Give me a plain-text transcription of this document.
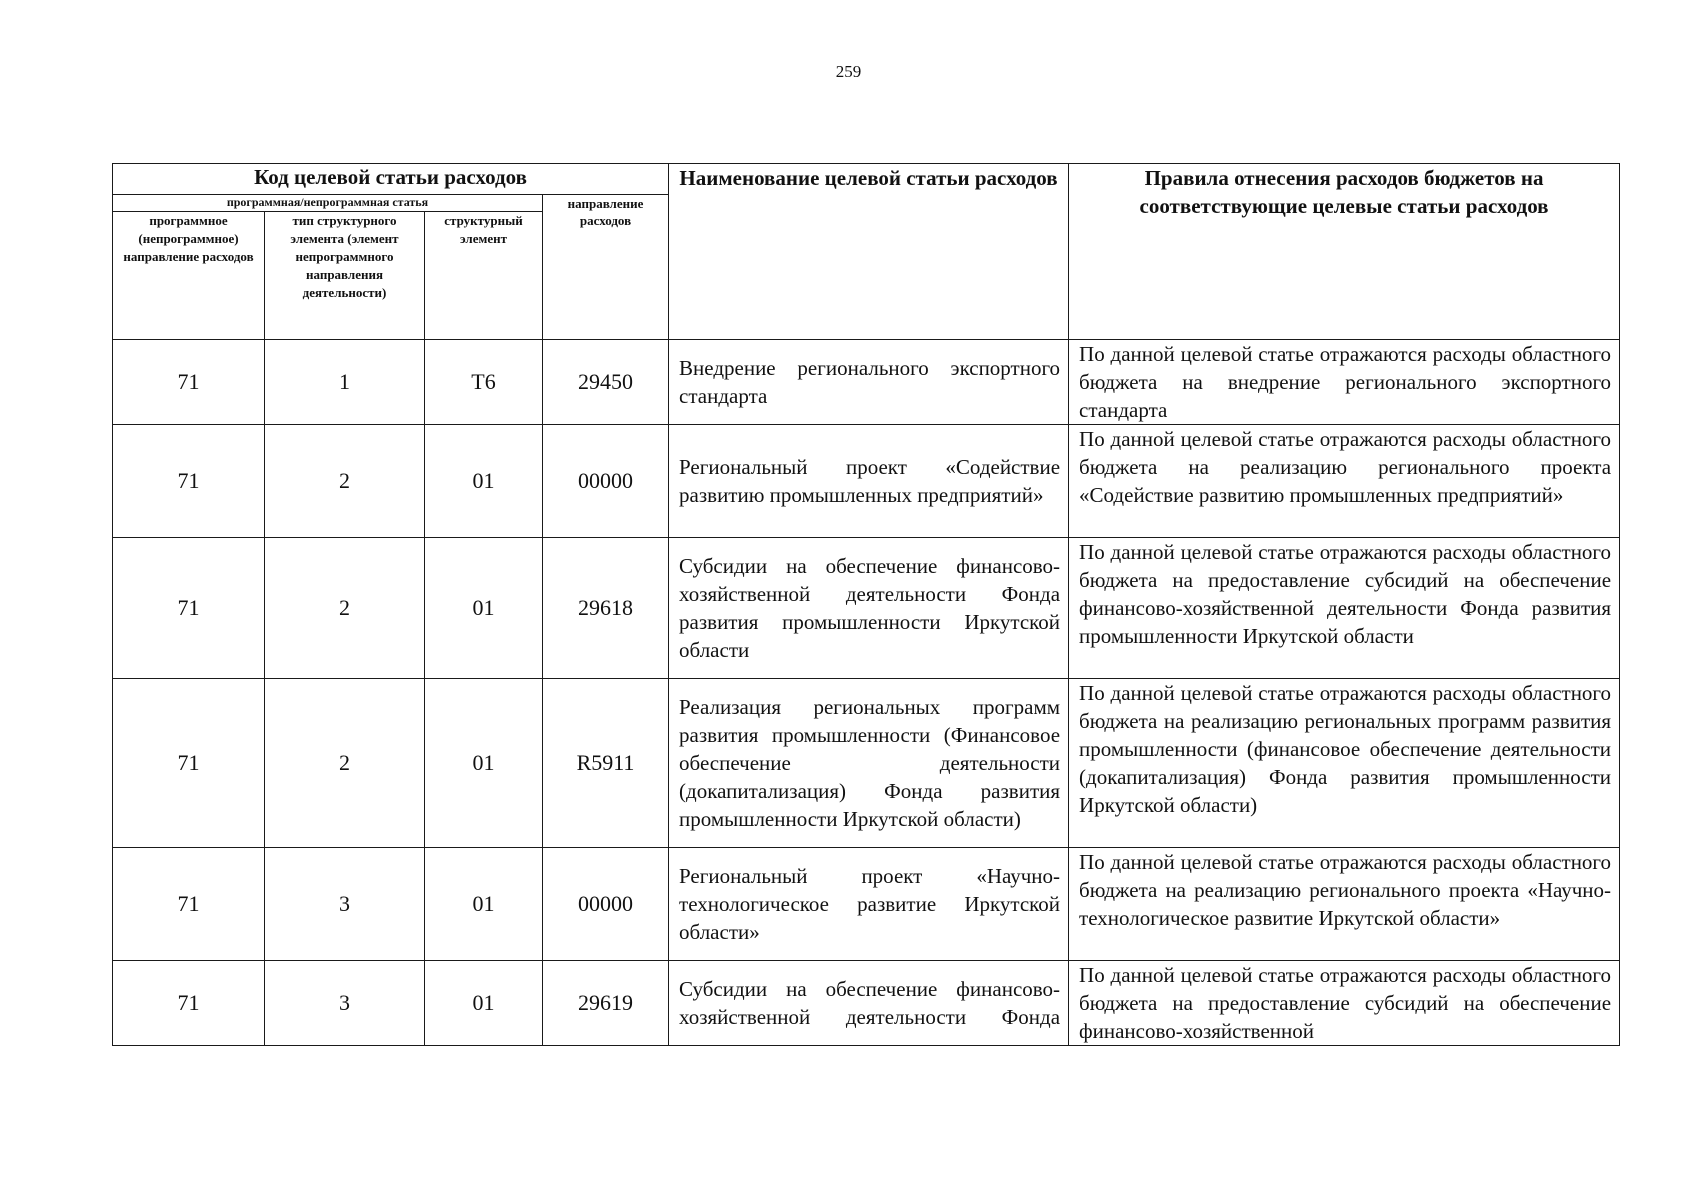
259
Код целевой статьи расходов				Наименование целевой статьи расходов	Правила отнесения расходов бюджетов на соответствующие целевые статьи расходов
программная/непрограммная статья			направление расходов		
программное (непрограммное) направление расходов	тип структурного элемента (элемент непрограммного направления деятельности)	структурный элемент			
71	1	Т6	29450	Внедрение регионального экспортного стандарта	По данной целевой статье отражаются расходы областного бюджета на внедрение регионального экспортного стандарта
71	2	01	00000	Региональный проект «Содействие развитию промышленных предприятий»	По данной целевой статье отражаются расходы областного бюджета на реализацию регионального проекта «Содействие развитию промышленных предприятий»
71	2	01	29618	Субсидии на обеспечение финансово-хозяйственной деятельности Фонда развития промышленности Иркутской области	По данной целевой статье отражаются расходы областного бюджета на предоставление субсидий на обеспечение финансово-хозяйственной деятельности Фонда развития промышленности Иркутской области
71	2	01	R5911	Реализация региональных программ развития промышленности (Финансовое обеспечение деятельности (докапитализация) Фонда развития промышленности Иркутской области)	По данной целевой статье отражаются расходы областного бюджета на реализацию региональных программ развития промышленности (финансовое обеспечение деятельности (докапитализация) Фонда развития промышленности Иркутской области)
71	3	01	00000	Региональный проект «Научно-технологическое развитие Иркутской области»	По данной целевой статье отражаются расходы областного бюджета на реализацию регионального проекта «Научно-технологическое развитие Иркутской области»
71	3	01	29619	Субсидии на обеспечение финансово-хозяйственной деятельности Фонда	По данной целевой статье отражаются расходы областного бюджета на предоставление субсидий на обеспечение финансово-хозяйственной
